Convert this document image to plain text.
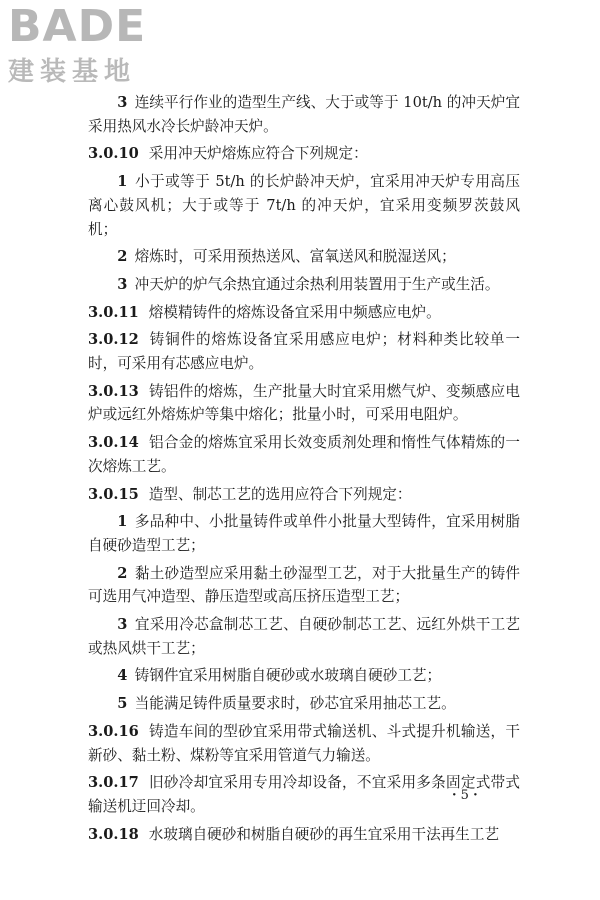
BADE
建装基地

3  连续平行作业的造型生产线、大于或等于 10t/h 的冲天炉宜采用热风水冷长炉龄冲天炉。

3.0.10 采用冲天炉熔炼应符合下列规定：

1  小于或等于 5t/h 的长炉龄冲天炉，宜采用冲天炉专用高压离心鼓风机；大于或等于 7t/h 的冲天炉，宜采用变频罗茨鼓风机；

2  熔炼时，可采用预热送风、富氧送风和脱湿送风；

3  冲天炉的炉气余热宜通过余热利用装置用于生产或生活。

3.0.11 熔模精铸件的熔炼设备宜采用中频感应电炉。

3.0.12 铸铜件的熔炼设备宜采用感应电炉；材料种类比较单一时，可采用有芯感应电炉。

3.0.13 铸铝件的熔炼，生产批量大时宜采用燃气炉、变频感应电炉或远红外熔炼炉等集中熔化；批量小时，可采用电阻炉。

3.0.14 铝合金的熔炼宜采用长效变质剂处理和惰性气体精炼的一次熔炼工艺。

3.0.15 造型、制芯工艺的选用应符合下列规定：

1  多品种中、小批量铸件或单件小批量大型铸件，宜采用树脂自硬砂造型工艺；

2  黏土砂造型应采用黏土砂湿型工艺，对于大批量生产的铸件可选用气冲造型、静压造型或高压挤压造型工艺；

3  宜采用冷芯盒制芯工艺、自硬砂制芯工艺、远红外烘干工艺或热风烘干工艺；

4  铸钢件宜采用树脂自硬砂或水玻璃自硬砂工艺；

5  当能满足铸件质量要求时，砂芯宜采用抽芯工艺。

3.0.16 铸造车间的型砂宜采用带式输送机、斗式提升机输送，干新砂、黏土粉、煤粉等宜采用管道气力输送。

3.0.17 旧砂冷却宜采用专用冷却设备，不宜采用多条固定式带式输送机迂回冷却。

3.0.18 水玻璃自硬砂和树脂自硬砂的再生宜采用干法再生工艺

· 5 ·
